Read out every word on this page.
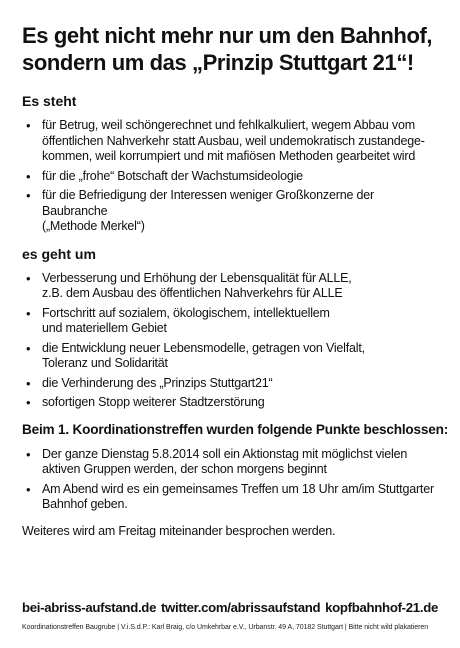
Es geht nicht mehr nur um den Bahnhof,
sondern um das „Prinzip Stuttgart 21“!
Es steht
• für Betrug, weil schöngerechnet und fehlkalkuliert, wegem Abbau vom
öffentlichen Nahverkehr statt Ausbau, weil undemokratisch zustandege-
kommen, weil korrumpiert und mit mafiösen Methoden gearbeitet wird
• für die „frohe“ Botschaft der Wachstumsideologie
• für die Befriedigung der Interessen weniger Großkonzerne der Baubranche
(„Methode Merkel“)
es geht um
• Verbesserung und Erhöhung der Lebensqualität für ALLE,
z.B. dem Ausbau des öffentlichen Nahverkehrs für ALLE
• Fortschritt auf sozialem, ökologischem, intellektuellem
und materiellem Gebiet
• die Entwicklung neuer Lebensmodelle, getragen von Vielfalt,
Toleranz und Solidarität
• die Verhinderung des „Prinzips Stuttgart21“
• sofortigen Stopp weiterer Stadtzerstörung
Beim 1. Koordinationstreffen wurden folgende Punkte beschlossen:
• Der ganze Dienstag 5.8.2014 soll ein Aktionstag mit möglichst vielen
aktiven Gruppen werden, der schon morgens beginnt
• Am Abend wird es ein gemeinsames Treffen um 18 Uhr am/im Stuttgarter
Bahnhof geben.

Weiteres wird am Freitag miteinander besprochen werden.

bei-abriss-aufstand.de twitter.com/abrissaufstand kopfbahnhof-21.de
Koordinationstreffen Baugrube | V.i.S.d.P.: Karl Braig, c/o Umkehrbar e.V., Urbanstr. 49 A, 70182 Stuttgart | Bitte nicht wild plakatieren
